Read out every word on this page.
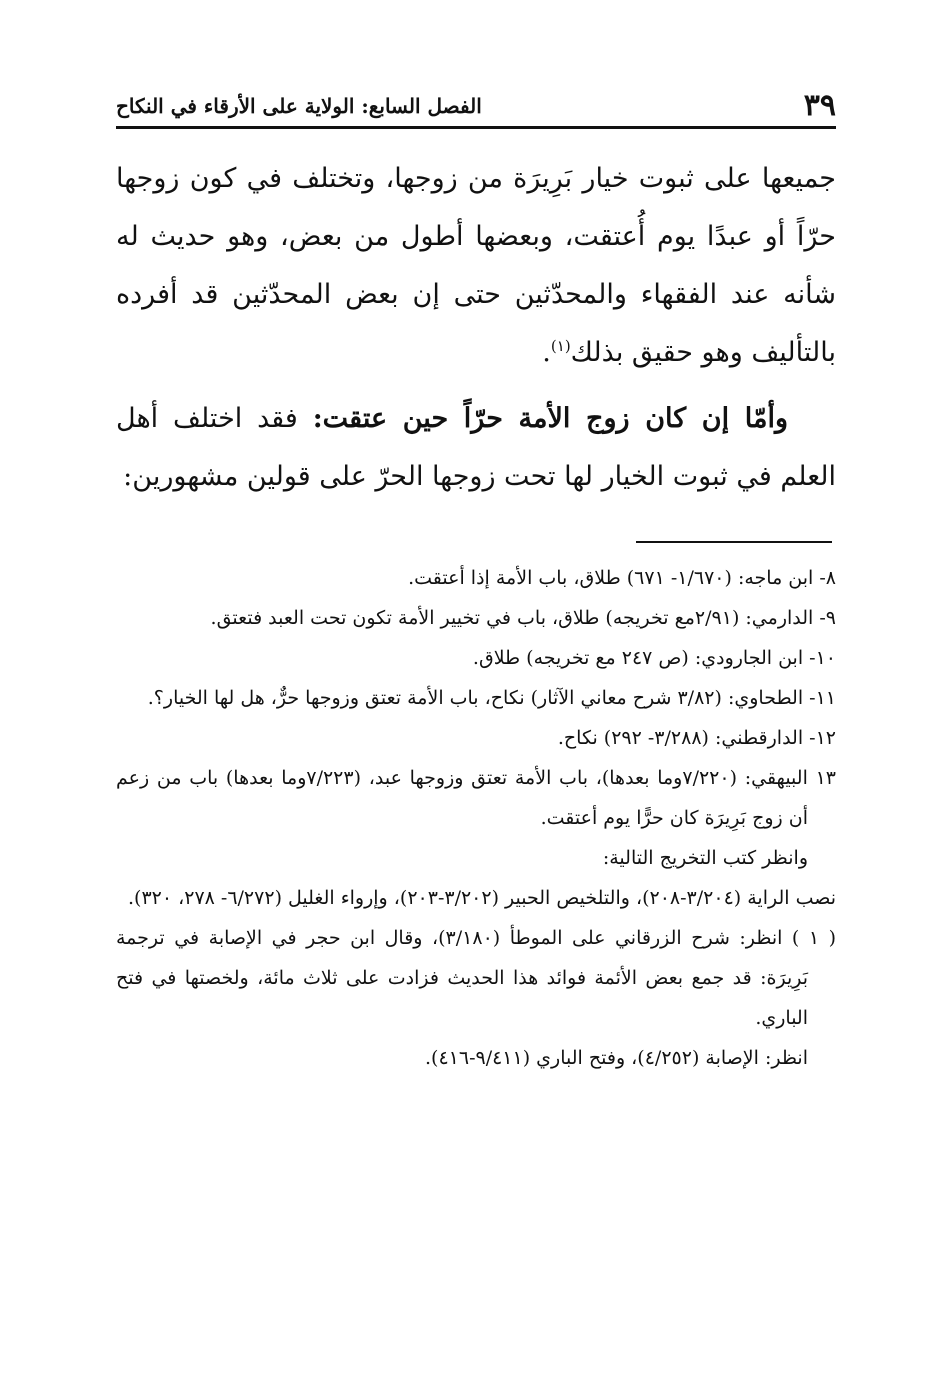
٣٩
الفصل السابع: الولاية على الأرقاء في النكاح

جميعها على ثبوت خيار بَرِيرَة من زوجها، وتختلف في كون زوجها حرّاً أو عبدًا يوم أُعتقت، وبعضها أطول من بعض، وهو حديث له شأنه عند الفقهاء والمحدّثين حتى إن بعض المحدّثين قد أفرده بالتأليف وهو حقيق بذلك$^{(١)}$.

وأمّا إن كان زوج الأمة حرّاً حين عتقت: فقد اختلف أهل العلم في ثبوت الخيار لها تحت زوجها الحرّ على قولين مشهورين:

٨- ابن ماجه: (١/٦٧٠- ٦٧١) طلاق، باب الأمة إذا أعتقت.

٩- الدارمي: (٢/٩١مع تخريجه) طلاق، باب في تخيير الأمة تكون تحت العبد فتعتق.

١٠- ابن الجارودي: (ص ٢٤٧ مع تخريجه) طلاق.

١١- الطحاوي: (٣/٨٢ شرح معاني الآثار) نكاح، باب الأمة تعتق وزوجها حرٌّ، هل لها الخيار؟.

١٢- الدارقطني: (٣/٢٨٨- ٢٩٢) نكاح.

١٣ البيهقي: (٧/٢٢٠وما بعدها)، باب الأمة تعتق وزوجها عبد، (٧/٢٢٣وما بعدها) باب من زعم أن زوج بَرِيرَة كان حرًّا يوم أعتقت.

وانظر كتب التخريج التالية:

نصب الراية (٣/٢٠٤-٢٠٨)، والتلخيص الحبير (٣/٢٠٢-٢٠٣)، وإرواء الغليل (٦/٢٧٢- ٢٧٨، ٣٢٠).

( ١ ) انظر: شرح الزرقاني على الموطأ (٣/١٨٠)، وقال ابن حجر في الإصابة في ترجمة بَرِيرَة: قد جمع بعض الأئمة فوائد هذا الحديث فزادت على ثلاث مائة، ولخصتها في فتح الباري.

انظر: الإصابة (٤/٢٥٢)، وفتح الباري (٩/٤١١-٤١٦).
